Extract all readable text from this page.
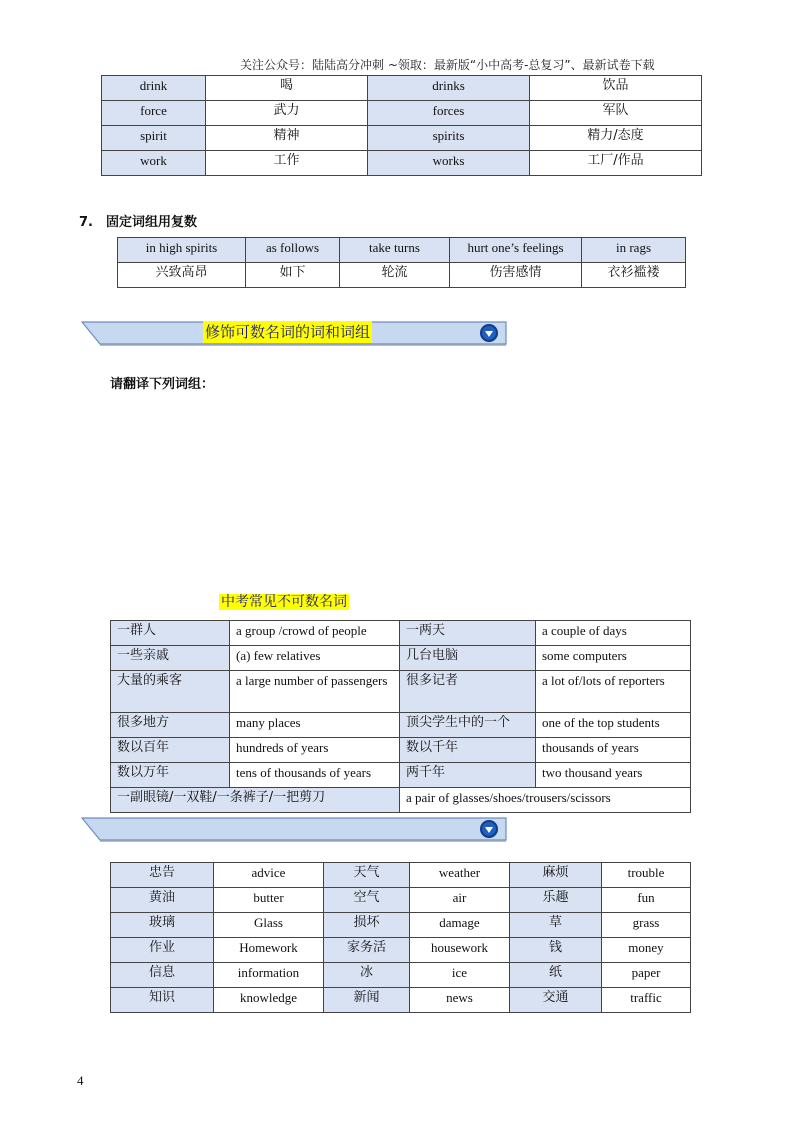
关注公众号：陆陆高分冲刺 ~领取：最新版“小中高考-总复习”、最新试卷下载
drink	喝	drinks	饮品
force	武力	forces	军队
spirit	精神	spirits	精力/态度
work	工作	works	工厂/作品
7.　固定词组用复数
in high spirits	as follows	take turns	hurt one’s feelings	in rags
兴致高昂	如下	轮流	伤害感情	衣衫褴褛
修饰可数名词的词和词组
请翻译下列词组：
中考常见不可数名词
一群人	a group /crowd of people	一两天	a couple of days
一些亲戚	(a) few relatives	几台电脑	some computers
大量的乘客	a large number of passengers	很多记者	a lot of/lots of reporters
很多地方	many places	顶尖学生中的一个	one of the top students
数以百年	hundreds of years	数以千年	thousands of years
数以万年	tens of thousands of years	两千年	two thousand years
一副眼镜/一双鞋/一条裤子/一把剪刀		a pair of glasses/shoes/trousers/scissors	
忠告	advice	天气	weather	麻烦	trouble
黄油	butter	空气	air	乐趣	fun
玻璃	Glass	损坏	damage	草	grass
作业	Homework	家务活	housework	钱	money
信息	information	冰	ice	纸	paper
知识	knowledge	新闻	news	交通	traffic
4
